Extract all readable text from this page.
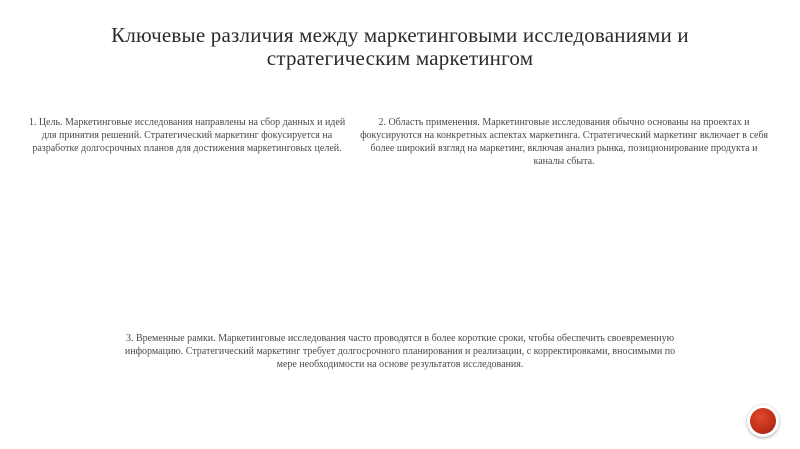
Ключевые различия между маркетинговыми исследованиями и стратегическим маркетингом

1. Цель. Маркетинговые исследования направлены на сбор данных и идей для принятия решений. Стратегический маркетинг фокусируется на разработке долгосрочных планов для достижения маркетинговых целей.

2. Область применения. Маркетинговые исследования обычно основаны на проектах и фокусируются на конкретных аспектах маркетинга. Стратегический маркетинг включает в себя более широкий взгляд на маркетинг, включая анализ рынка, позиционирование продукта и каналы сбыта.

3. Временные рамки. Маркетинговые исследования часто проводятся в более короткие сроки, чтобы обеспечить своевременную информацию. Стратегический маркетинг требует долгосрочного планирования и реализации, с корректировками, вносимыми по мере необходимости на основе результатов исследования.
